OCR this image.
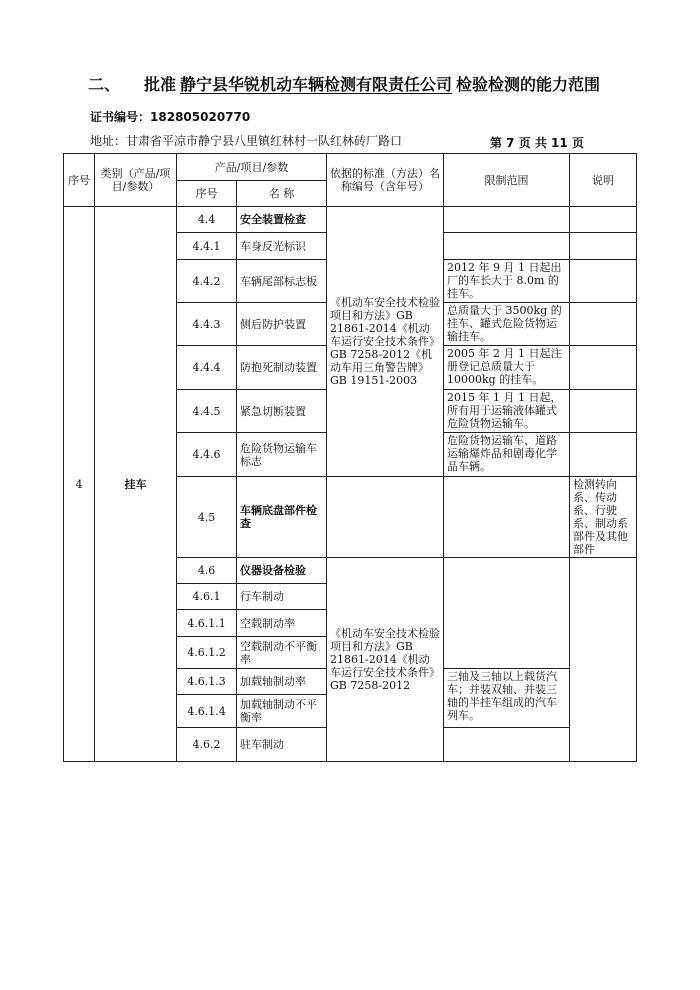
二、 批准 静宁县华锐机动车辆检测有限责任公司 检验检测的能力范围
证书编号：182805020770
地址：甘肃省平凉市静宁县八里镇红林村一队红林砖厂路口	第 7 页 共 11 页
序号	类别（产品/项目/参数）	产品/项目/参数		依据的标准（方法）名称编号（含年号）	限制范围	说明
		序号	名 称			
4	挂车	4.4	安全装置检查	《机动车安全技术检验项目和方法》GB 21861-2014《机动车运行安全技术条件》GB 7258-2012《机动车用三角警告牌》 GB 19151-2003		
		4.4.1	车身反光标识			
		4.4.2	车辆尾部标志板		2012 年 9 月 1 日起出厂的车长大于 8.0m 的挂车。	
		4.4.3	侧后防护装置		总质量大于 3500kg 的挂车、罐式危险货物运输挂车。	
		4.4.4	防抱死制动装置		2005 年 2 月 1 日起注册登记总质量大于 10000kg 的挂车。	
		4.4.5	紧急切断装置		2015 年 1 月 1 日起，所有用于运输液体罐式危险货物运输车。	
		4.4.6	危险货物运输车标志		危险货物运输车、道路运输爆炸品和剧毒化学品车辆。	
		4.5	车辆底盘部件检查			检测转向系、传动系、行驶系、制动系部件及其他部件
		4.6	仪器设备检验	《机动车安全技术检验项目和方法》GB 21861-2014《机动车运行安全技术条件》GB 7258-2012		
		4.6.1	行车制动			
		4.6.1.1	空载制动率			
		4.6.1.2	空载制动不平衡率			
		4.6.1.3	加载轴制动率		三轴及三轴以上载货汽车；并装双轴、并装三轴的半挂车组成的汽车列车。	
		4.6.1.4	加载轴制动不平衡率			
		4.6.2	驻车制动			
